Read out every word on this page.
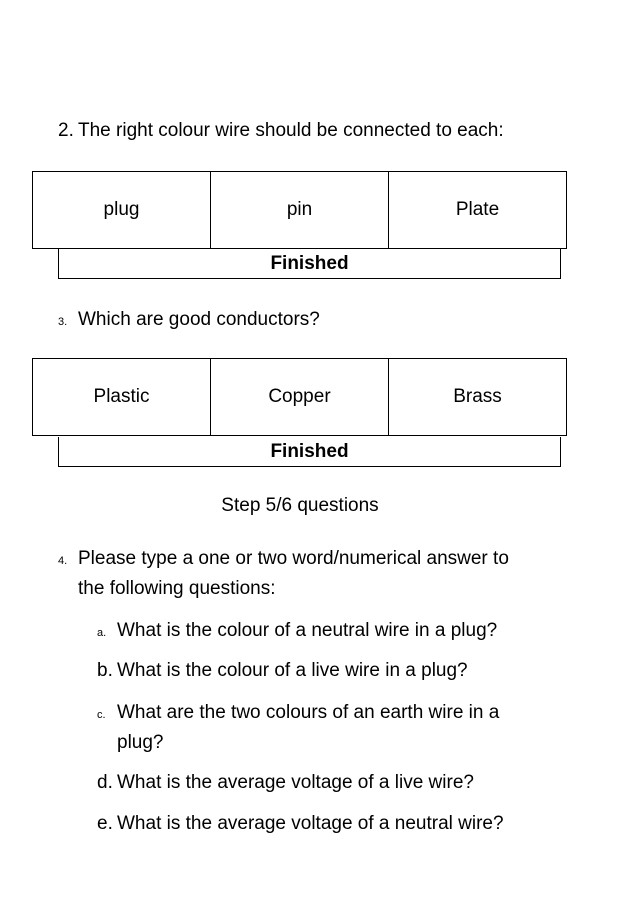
2. The right colour wire should be connected to each:
plug	pin	Plate
Finished
3. Which are good conductors?
Plastic	Copper	Brass
Finished
Step 5/6 questions
4. Please type a one or two word/numerical answer to
the following questions:
a. What is the colour of a neutral wire in a plug?
b. What is the colour of a live wire in a plug?
c. What are the two colours of an earth wire in a
plug?
d. What is the average voltage of a live wire?
e. What is the average voltage of a neutral wire?
